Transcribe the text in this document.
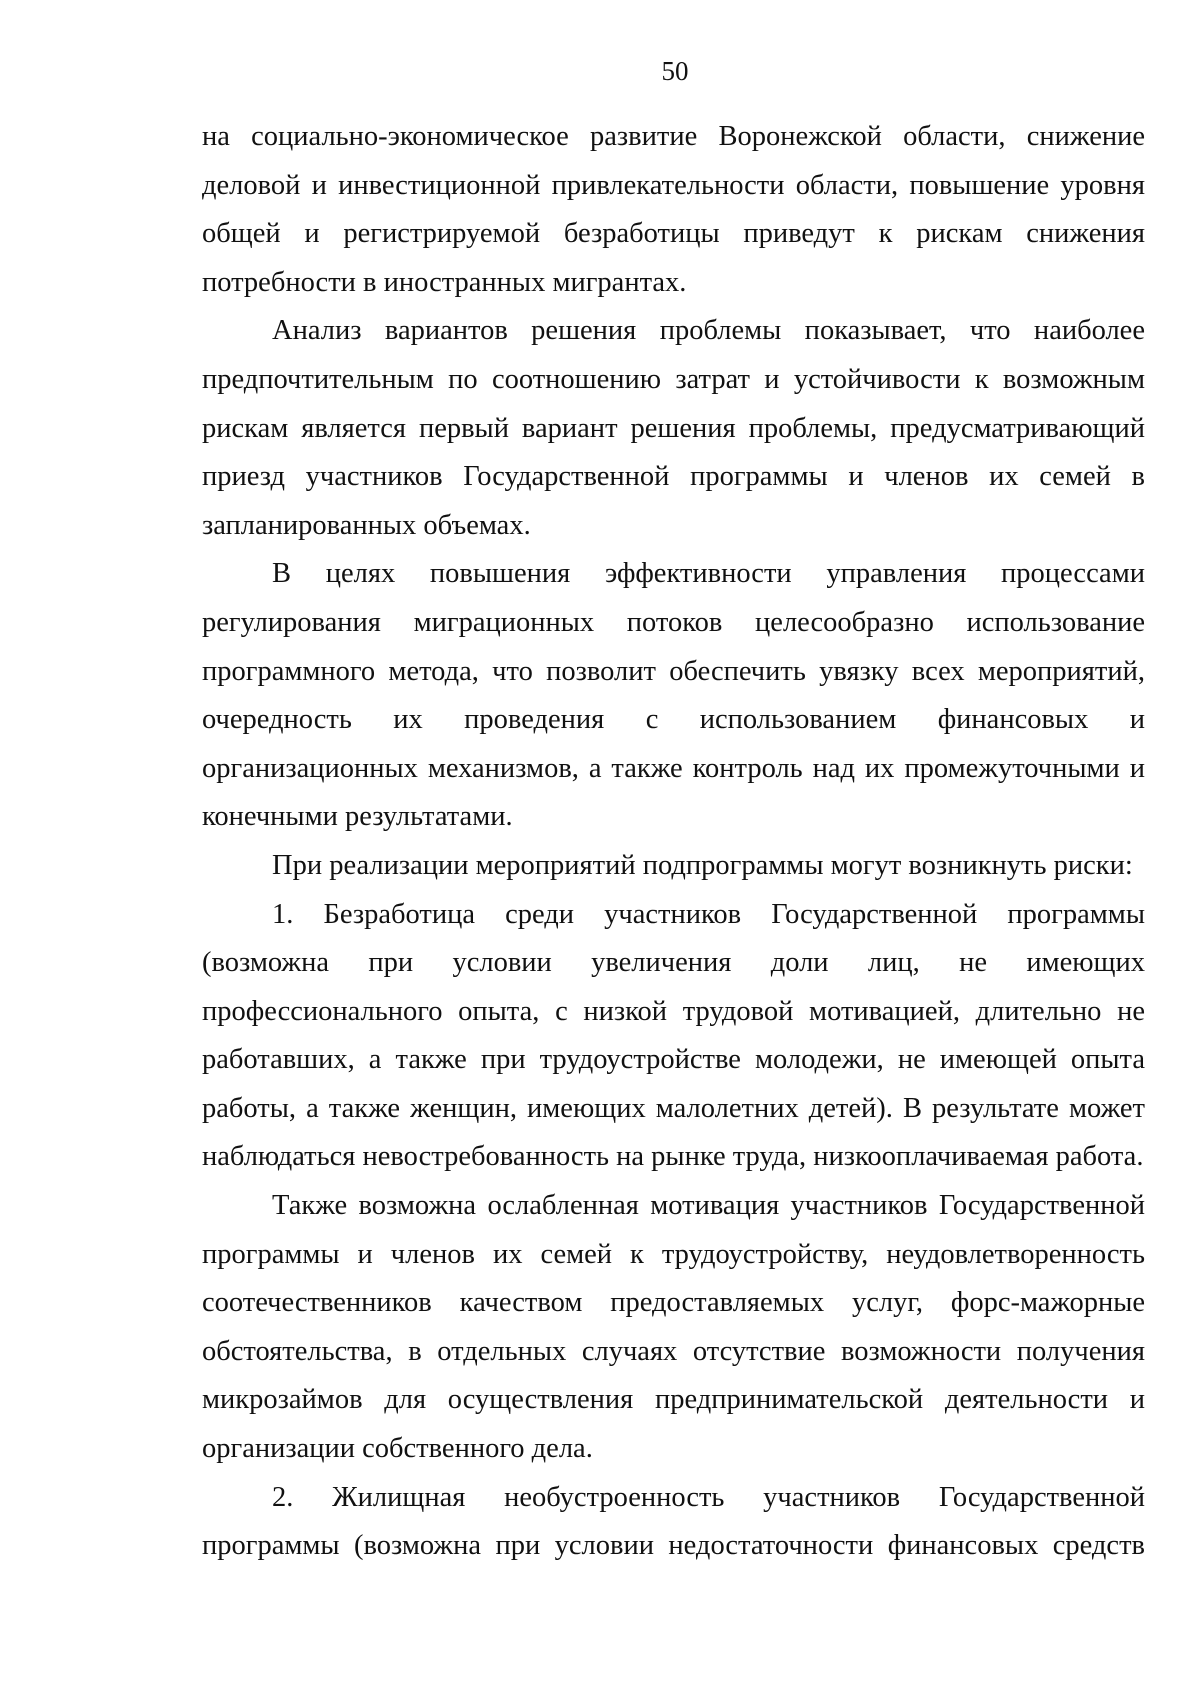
50

на социально-экономическое развитие Воронежской области, снижение деловой и инвестиционной привлекательности области, повышение уровня общей и регистрируемой безработицы приведут к рискам снижения потребности в иностранных мигрантах.

Анализ вариантов решения проблемы показывает, что наиболее предпочтительным по соотношению затрат и устойчивости к возможным рискам является первый вариант решения проблемы, предусматривающий приезд участников Государственной программы и членов их семей в запланированных объемах.

В целях повышения эффективности управления процессами регулирования миграционных потоков целесообразно использование программного метода, что позволит обеспечить увязку всех мероприятий, очередность их проведения с использованием финансовых и организационных механизмов, а также контроль над их промежуточными и конечными результатами.

При реализации мероприятий подпрограммы могут возникнуть риски:

1. Безработица среди участников Государственной программы (возможна при условии увеличения доли лиц, не имеющих профессионального опыта, с низкой трудовой мотивацией, длительно не работавших, а также при трудоустройстве молодежи, не имеющей опыта работы, а также женщин, имеющих малолетних детей). В результате может наблюдаться невостребованность на рынке труда, низкооплачиваемая работа.

Также возможна ослабленная мотивация участников Государственной программы и членов их семей к трудоустройству, неудовлетворенность соотечественников качеством предоставляемых услуг, форс-мажорные обстоятельства, в отдельных случаях отсутствие возможности получения микрозаймов для осуществления предпринимательской деятельности и организации собственного дела.

2. Жилищная необустроенность участников Государственной программы (возможна при условии недостаточности финансовых средств
